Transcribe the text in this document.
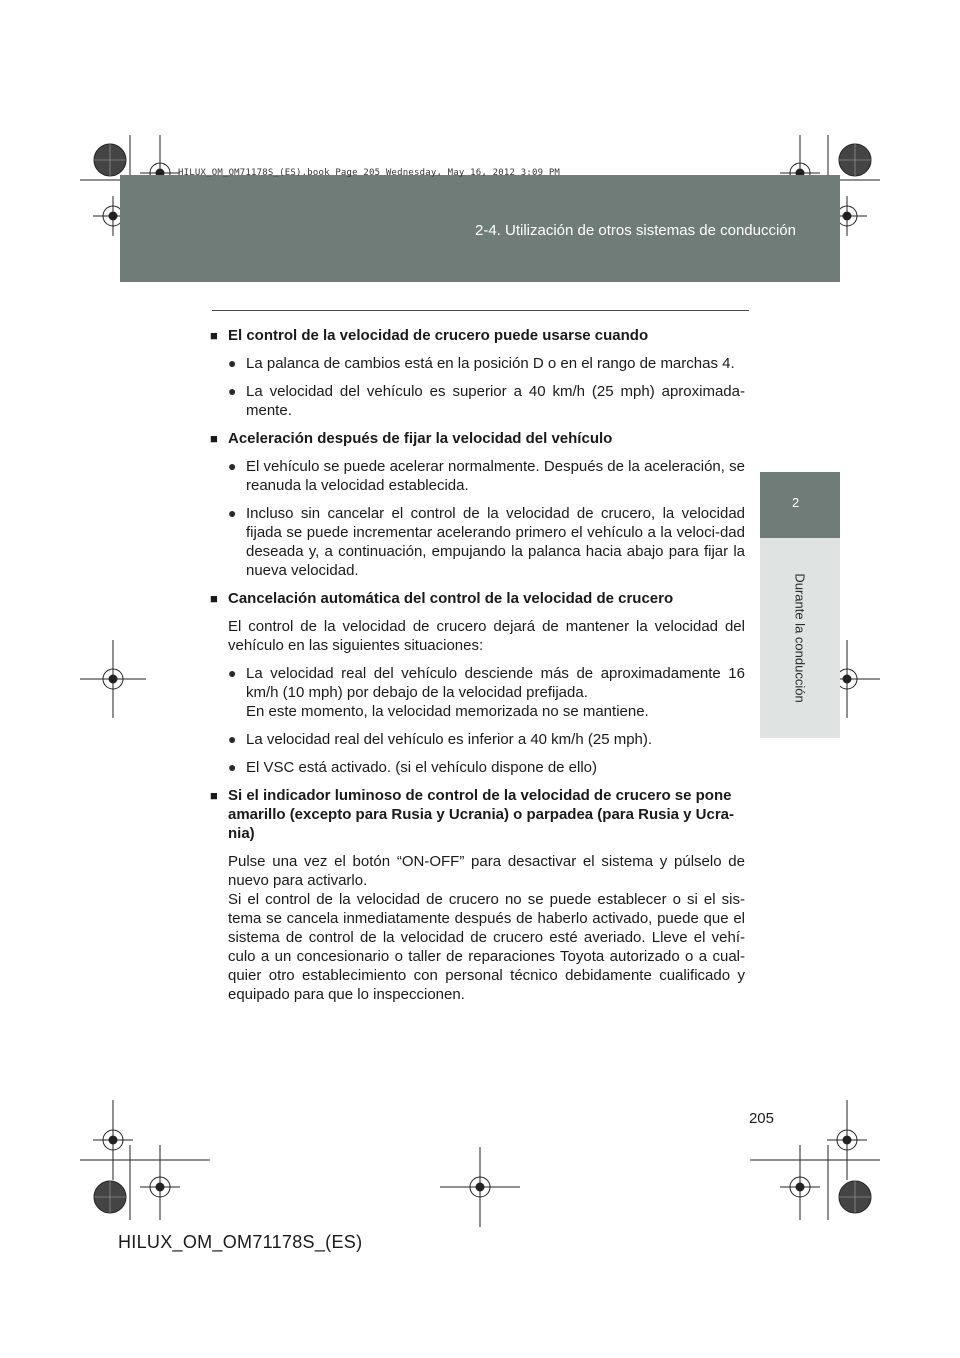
2-4. Utilización de otros sistemas de conducción
HILUX_OM_OM71178S_(ES).book Page 205 Wednesday, May 16, 2012 3:09 PM
2
Durante la conducción
■ El control de la velocidad de crucero puede usarse cuando
● La palanca de cambios está en la posición D o en el rango de marchas 4.
● La velocidad del vehículo es superior a 40 km/h (25 mph) aproximada-mente.
■ Aceleración después de fijar la velocidad del vehículo
● El vehículo se puede acelerar normalmente. Después de la aceleración, se reanuda la velocidad establecida.
● Incluso sin cancelar el control de la velocidad de crucero, la velocidad fijada se puede incrementar acelerando primero el vehículo a la veloci-dad deseada y, a continuación, empujando la palanca hacia abajo para fijar la nueva velocidad.
■ Cancelación automática del control de la velocidad de crucero
El control de la velocidad de crucero dejará de mantener la velocidad del vehículo en las siguientes situaciones:
● La velocidad real del vehículo desciende más de aproximadamente 16 km/h (10 mph) por debajo de la velocidad prefijada.
En este momento, la velocidad memorizada no se mantiene.
● La velocidad real del vehículo es inferior a 40 km/h (25 mph).
● El VSC está activado. (si el vehículo dispone de ello)
■ Si el indicador luminoso de control de la velocidad de crucero se pone amarillo (excepto para Rusia y Ucrania) o parpadea (para Rusia y Ucra-nia)
Pulse una vez el botón “ON-OFF” para desactivar el sistema y púlselo de nuevo para activarlo.
Si el control de la velocidad de crucero no se puede establecer o si el sis-tema se cancela inmediatamente después de haberlo activado, puede que el sistema de control de la velocidad de crucero esté averiado. Lleve el vehí-culo a un concesionario o taller de reparaciones Toyota autorizado o a cual-quier otro establecimiento con personal técnico debidamente cualificado y equipado para que lo inspeccionen.
205
HILUX_OM_OM71178S_(ES)
